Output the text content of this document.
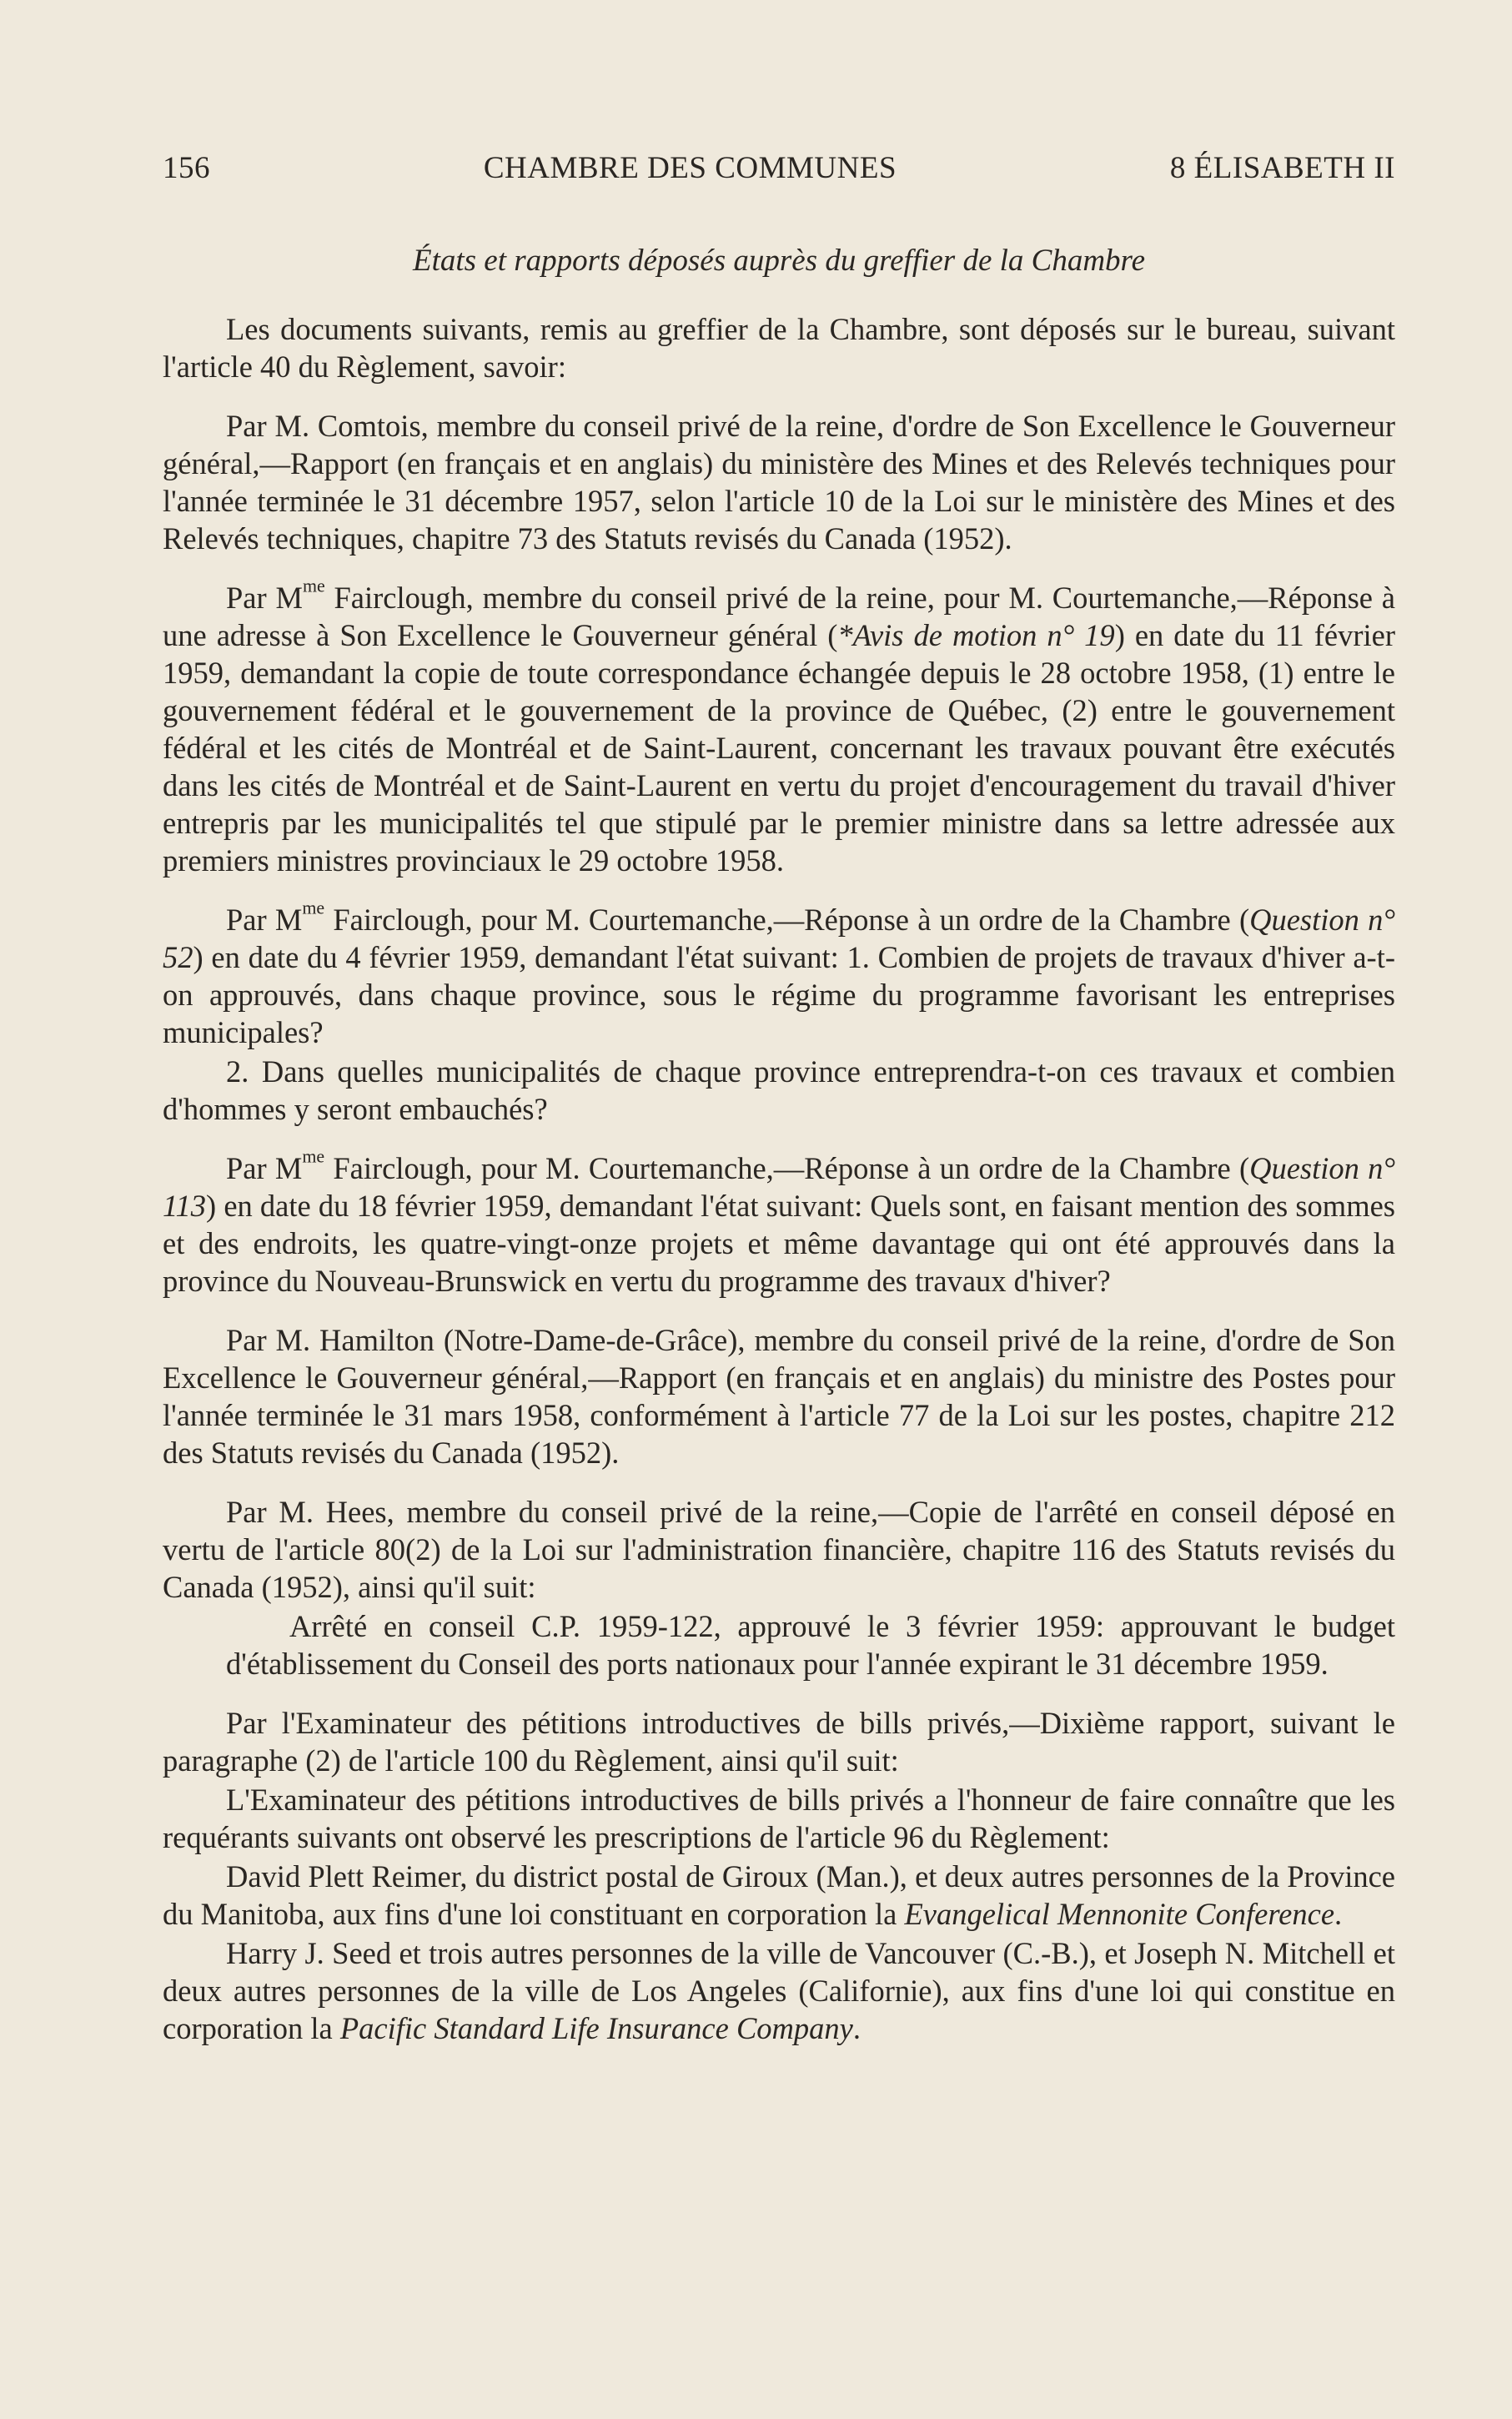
156	CHAMBRE DES COMMUNES	8 ÉLISABETH II
États et rapports déposés auprès du greffier de la Chambre

Les documents suivants, remis au greffier de la Chambre, sont déposés sur le bureau, suivant l'article 40 du Règlement, savoir:

Par M. Comtois, membre du conseil privé de la reine, d'ordre de Son Excellence le Gouverneur général,—Rapport (en français et en anglais) du ministère des Mines et des Relevés techniques pour l'année terminée le 31 décembre 1957, selon l'article 10 de la Loi sur le ministère des Mines et des Relevés techniques, chapitre 73 des Statuts revisés du Canada (1952).

Par $M^{me}$ Fairclough, membre du conseil privé de la reine, pour M. Courtemanche,—Réponse à une adresse à Son Excellence le Gouverneur général (*Avis de motion n° 19) en date du 11 février 1959, demandant la copie de toute correspondance échangée depuis le 28 octobre 1958, (1) entre le gouvernement fédéral et le gouvernement de la province de Québec, (2) entre le gouvernement fédéral et les cités de Montréal et de Saint-Laurent, concernant les travaux pouvant être exécutés dans les cités de Montréal et de Saint-Laurent en vertu du projet d'encouragement du travail d'hiver entrepris par les municipalités tel que stipulé par le premier ministre dans sa lettre adressée aux premiers ministres provinciaux le 29 octobre 1958.

Par $M^{me}$ Fairclough, pour M. Courtemanche,—Réponse à un ordre de la Chambre (Question n° 52) en date du 4 février 1959, demandant l'état suivant: 1. Combien de projets de travaux d'hiver a-t-on approuvés, dans chaque province, sous le régime du programme favorisant les entreprises municipales?

2. Dans quelles municipalités de chaque province entreprendra-t-on ces travaux et combien d'hommes y seront embauchés?

Par $M^{me}$ Fairclough, pour M. Courtemanche,—Réponse à un ordre de la Chambre (Question n° 113) en date du 18 février 1959, demandant l'état suivant: Quels sont, en faisant mention des sommes et des endroits, les quatre-vingt-onze projets et même davantage qui ont été approuvés dans la province du Nouveau-Brunswick en vertu du programme des travaux d'hiver?

Par M. Hamilton (Notre-Dame-de-Grâce), membre du conseil privé de la reine, d'ordre de Son Excellence le Gouverneur général,—Rapport (en français et en anglais) du ministre des Postes pour l'année terminée le 31 mars 1958, conformément à l'article 77 de la Loi sur les postes, chapitre 212 des Statuts revisés du Canada (1952).

Par M. Hees, membre du conseil privé de la reine,—Copie de l'arrêté en conseil déposé en vertu de l'article 80(2) de la Loi sur l'administration financière, chapitre 116 des Statuts revisés du Canada (1952), ainsi qu'il suit:

Arrêté en conseil C.P. 1959-122, approuvé le 3 février 1959: approuvant le budget d'établissement du Conseil des ports nationaux pour l'année expirant le 31 décembre 1959.

Par l'Examinateur des pétitions introductives de bills privés,—Dixième rapport, suivant le paragraphe (2) de l'article 100 du Règlement, ainsi qu'il suit:

L'Examinateur des pétitions introductives de bills privés a l'honneur de faire connaître que les requérants suivants ont observé les prescriptions de l'article 96 du Règlement:

David Plett Reimer, du district postal de Giroux (Man.), et deux autres personnes de la Province du Manitoba, aux fins d'une loi constituant en corporation la Evangelical Mennonite Conference.

Harry J. Seed et trois autres personnes de la ville de Vancouver (C.-B.), et Joseph N. Mitchell et deux autres personnes de la ville de Los Angeles (Californie), aux fins d'une loi qui constitue en corporation la Pacific Standard Life Insurance Company.
